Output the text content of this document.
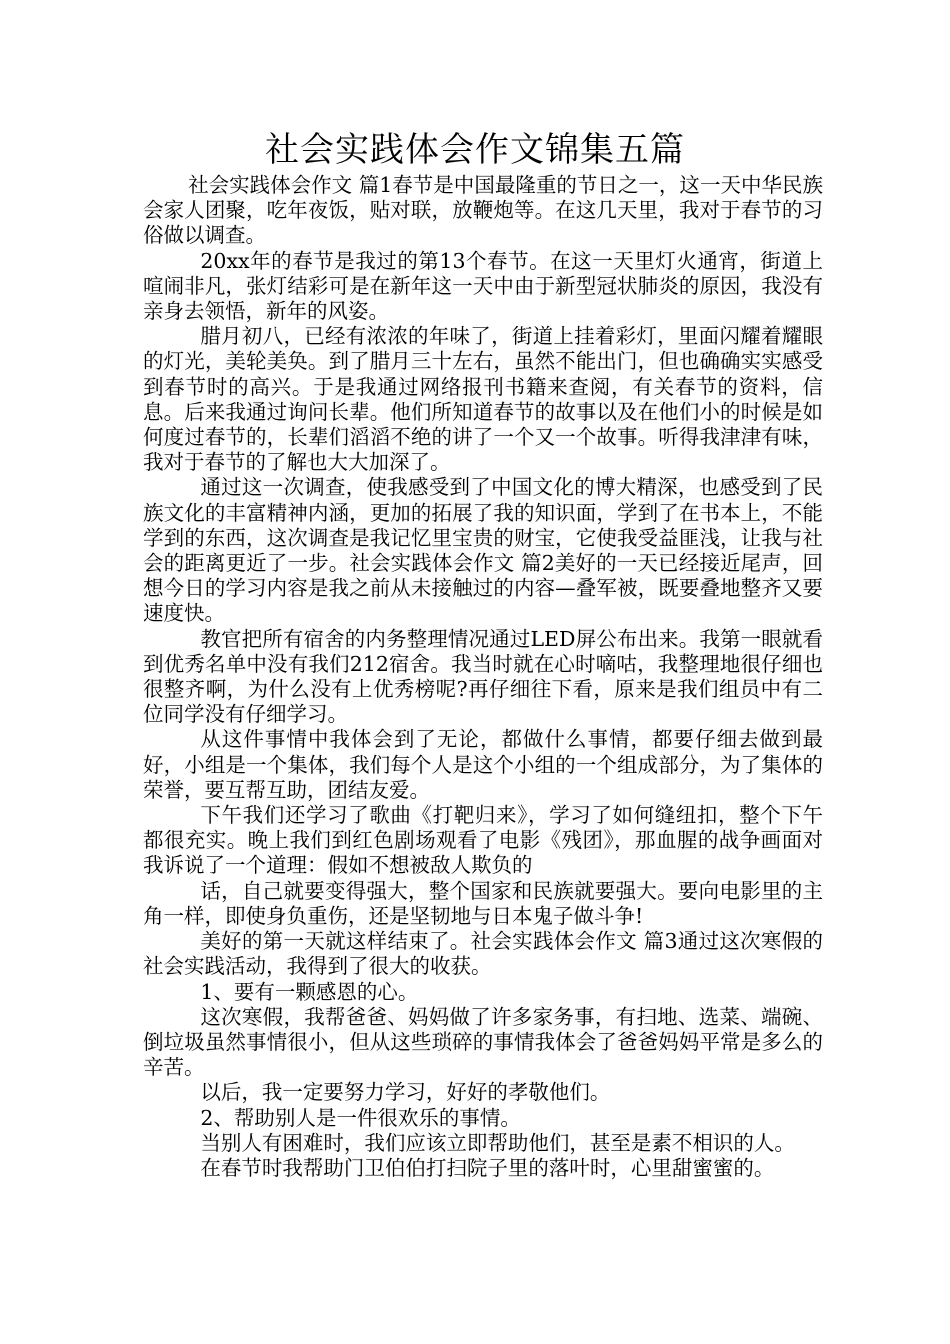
社会实践体会作文锦集五篇

社会实践体会作文 篇1春节是中国最隆重的节日之一，这一天中华民族会家人团聚，吃年夜饭，贴对联，放鞭炮等。在这几天里，我对于春节的习俗做以调查。

20xx年的春节是我过的第13个春节。在这一天里灯火通宵，街道上喧闹非凡，张灯结彩可是在新年这一天中由于新型冠状肺炎的原因，我没有亲身去领悟，新年的风姿。

腊月初八，已经有浓浓的年味了，街道上挂着彩灯，里面闪耀着耀眼的灯光，美轮美奂。到了腊月三十左右，虽然不能出门，但也确确实实感受到春节时的高兴。于是我通过网络报刊书籍来查阅，有关春节的资料，信息。后来我通过询问长辈。他们所知道春节的故事以及在他们小的时候是如何度过春节的，长辈们滔滔不绝的讲了一个又一个故事。听得我津津有味，我对于春节的了解也大大加深了。

通过这一次调查，使我感受到了中国文化的博大精深，也感受到了民族文化的丰富精神内涵，更加的拓展了我的知识面，学到了在书本上，不能学到的东西，这次调查是我记忆里宝贵的财宝，它使我受益匪浅，让我与社会的距离更近了一步。社会实践体会作文 篇2美好的一天已经接近尾声，回想今日的学习内容是我之前从未接触过的内容—叠军被，既要叠地整齐又要速度快。

教官把所有宿舍的内务整理情况通过LED屏公布出来。我第一眼就看到优秀名单中没有我们212宿舍。我当时就在心时嘀咕，我整理地很仔细也很整齐啊，为什么没有上优秀榜呢?再仔细往下看，原来是我们组员中有二位同学没有仔细学习。

从这件事情中我体会到了无论，都做什么事情，都要仔细去做到最好，小组是一个集体，我们每个人是这个小组的一个组成部分，为了集体的荣誉，要互帮互助，团结友爱。

下午我们还学习了歌曲《打靶归来》，学习了如何缝纽扣，整个下午都很充实。晚上我们到红色剧场观看了电影《残团》，那血腥的战争画面对我诉说了一个道理：假如不想被敌人欺负的

话，自己就要变得强大，整个国家和民族就要强大。要向电影里的主角一样，即使身负重伤，还是坚韧地与日本鬼子做斗争!

美好的第一天就这样结束了。社会实践体会作文 篇3通过这次寒假的社会实践活动，我得到了很大的收获。

1、要有一颗感恩的心。

这次寒假，我帮爸爸、妈妈做了许多家务事，有扫地、选菜、端碗、倒垃圾虽然事情很小，但从这些琐碎的事情我体会了爸爸妈妈平常是多么的辛苦。

以后，我一定要努力学习，好好的孝敬他们。

2、帮助别人是一件很欢乐的事情。

当别人有困难时，我们应该立即帮助他们，甚至是素不相识的人。

在春节时我帮助门卫伯伯打扫院子里的落叶时，心里甜蜜蜜的。
